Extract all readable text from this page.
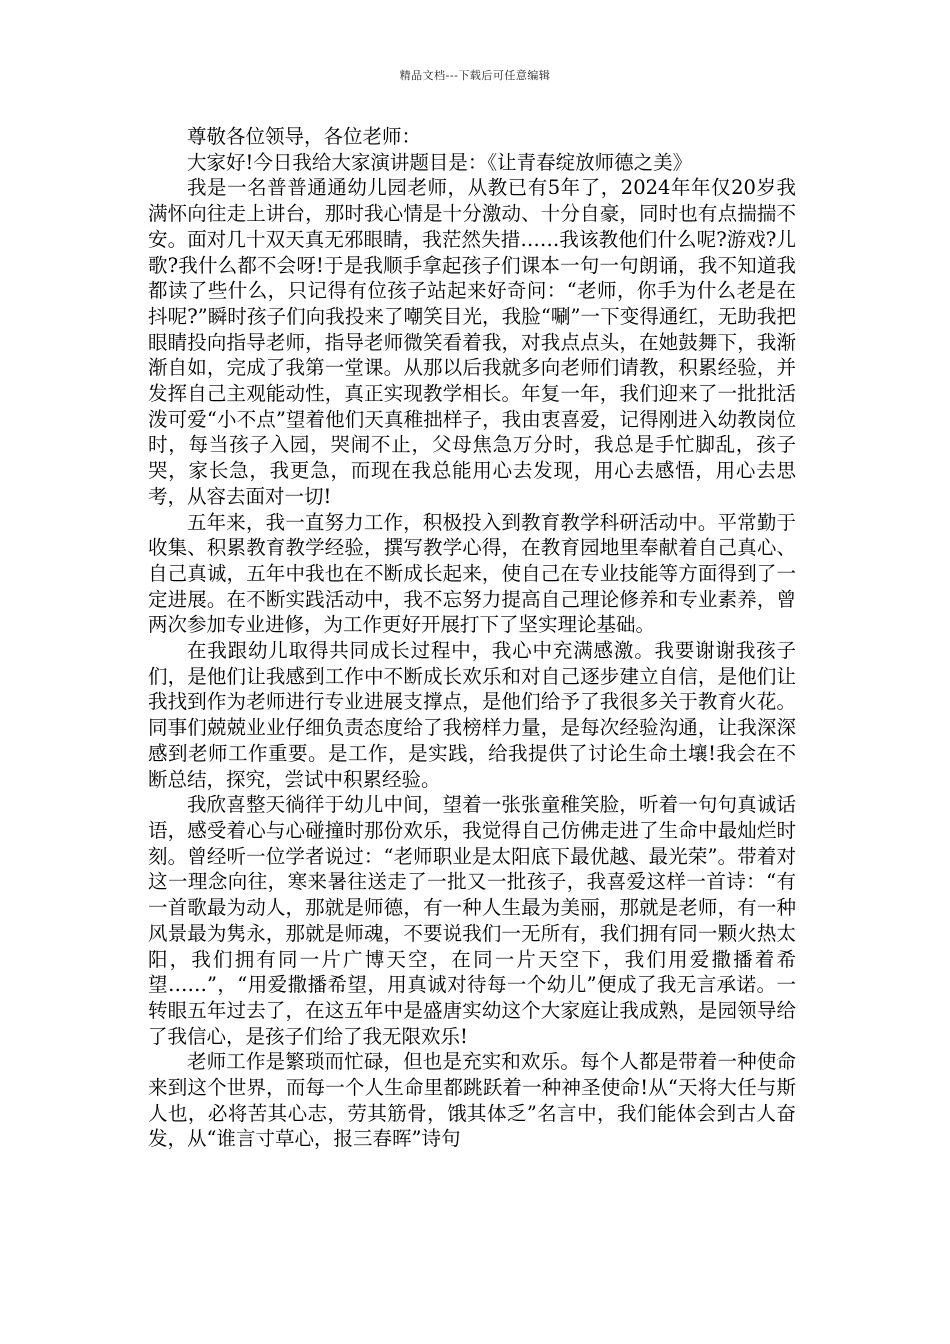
精品文档---下载后可任意编辑

尊敬各位领导，各位老师：

大家好!今日我给大家演讲题目是：《让青春绽放师德之美》

我是一名普普通通幼儿园老师，从教已有5年了，2024年年仅20岁我满怀向往走上讲台，那时我心情是十分激动、十分自豪，同时也有点揣揣不安。面对几十双天真无邪眼睛，我茫然失措……我该教他们什么呢?游戏?儿歌?我什么都不会呀!于是我顺手拿起孩子们课本一句一句朗诵，我不知道我都读了些什么，只记得有位孩子站起来好奇问：“老师，你手为什么老是在抖呢?”瞬时孩子们向我投来了嘲笑目光，我脸“唰”一下变得通红，无助我把眼睛投向指导老师，指导老师微笑看着我，对我点点头，在她鼓舞下，我渐渐自如，完成了我第一堂课。从那以后我就多向老师们请教，积累经验，并发挥自己主观能动性，真正实现教学相长。年复一年，我们迎来了一批批活泼可爱“小不点”望着他们天真稚拙样子，我由衷喜爱，记得刚进入幼教岗位时，每当孩子入园，哭闹不止，父母焦急万分时，我总是手忙脚乱，孩子哭，家长急，我更急，而现在我总能用心去发现，用心去感悟，用心去思考，从容去面对一切!

五年来，我一直努力工作，积极投入到教育教学科研活动中。平常勤于收集、积累教育教学经验，撰写教学心得，在教育园地里奉献着自己真心、自己真诚，五年中我也在不断成长起来，使自己在专业技能等方面得到了一定进展。在不断实践活动中，我不忘努力提高自己理论修养和专业素养，曾两次参加专业进修，为工作更好开展打下了坚实理论基础。

在我跟幼儿取得共同成长过程中，我心中充满感激。我要谢谢我孩子们，是他们让我感到工作中不断成长欢乐和对自己逐步建立自信，是他们让我找到作为老师进行专业进展支撑点，是他们给予了我很多关于教育火花。同事们兢兢业业仔细负责态度给了我榜样力量，是每次经验沟通，让我深深感到老师工作重要。是工作，是实践，给我提供了讨论生命土壤!我会在不断总结，探究，尝试中积累经验。

我欣喜整天徜徉于幼儿中间，望着一张张童稚笑脸，听着一句句真诚话语，感受着心与心碰撞时那份欢乐，我觉得自己仿佛走进了生命中最灿烂时刻。曾经听一位学者说过：“老师职业是太阳底下最优越、最光荣”。带着对这一理念向往，寒来暑往送走了一批又一批孩子，我喜爱这样一首诗：“有一首歌最为动人，那就是师德，有一种人生最为美丽，那就是老师，有一种风景最为隽永，那就是师魂，不要说我们一无所有，我们拥有同一颗火热太阳，我们拥有同一片广博天空，在同一片天空下，我们用爱撒播着希望……”，“用爱撒播希望，用真诚对待每一个幼儿”便成了我无言承诺。一转眼五年过去了，在这五年中是盛唐实幼这个大家庭让我成熟，是园领导给了我信心，是孩子们给了我无限欢乐!

老师工作是繁琐而忙碌，但也是充实和欢乐。每个人都是带着一种使命来到这个世界，而每一个人生命里都跳跃着一种神圣使命!从“天将大任与斯人也，必将苦其心志，劳其筋骨，饿其体乏”名言中，我们能体会到古人奋发，从“谁言寸草心，报三春晖”诗句
